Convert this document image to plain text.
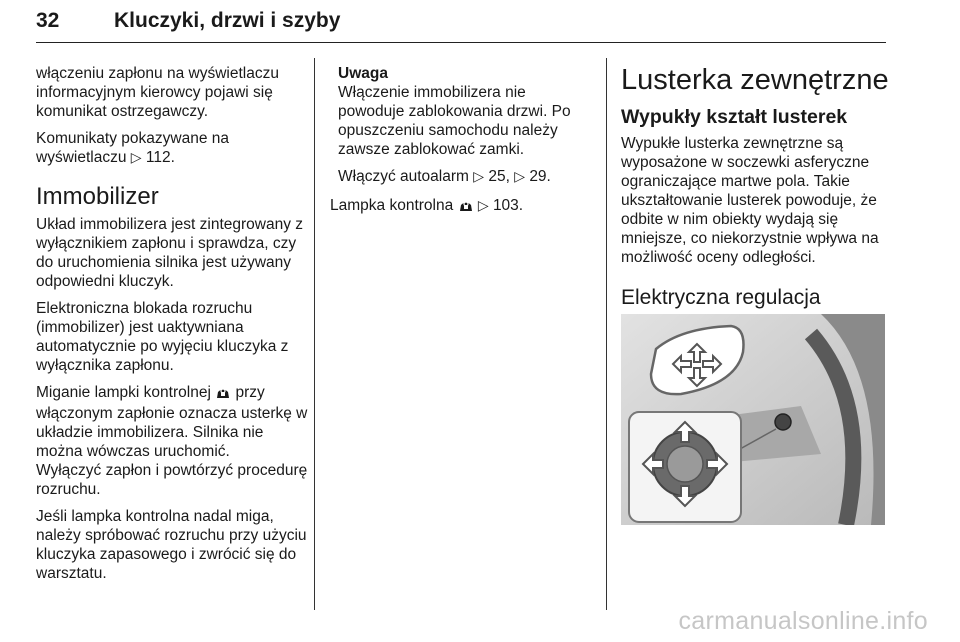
32	Kluczyki, drzwi i szyby

włączeniu zapłonu na wyświetlaczu informacyjnym kierowcy pojawi się komunikat ostrzegawczy.

Komunikaty pokazywane na wyświetlaczu ▷ 112.

Immobilizer

Układ immobilizera jest zintegrowany z wyłącznikiem zapłonu i sprawdza, czy do uruchomienia silnika jest używany odpowiedni kluczyk.

Elektroniczna blokada rozruchu (immobilizer) jest uaktywniana automatycznie po wyjęciu kluczyka z wyłącznika zapłonu.

Miganie lampki kontrolnej przy włączonym zapłonie oznacza usterkę w układzie immobilizera. Silnika nie można wówczas uruchomić.
Wyłączyć zapłon i powtórzyć procedurę rozruchu.

Jeśli lampka kontrolna nadal miga, należy spróbować rozruchu przy użyciu kluczyka zapasowego i zwrócić się do warsztatu.

Uwaga

Włączenie immobilizera nie powoduje zablokowania drzwi. Po opuszczeniu samochodu należy zawsze zablokować zamki.

Włączyć autoalarm ▷ 25, ▷ 29.

Lampka kontrolna ▷ 103.

Lusterka zewnętrzne
Wypukły kształt lusterek

Wypukłe lusterka zewnętrzne są wyposażone w soczewki asferyczne ograniczające martwe pola. Takie ukształtowanie lusterek powoduje, że odbite w nim obiekty wydają się mniejsze, co niekorzystnie wpływa na możliwość oceny odległości.

Elektryczna regulacja
carmanualsonline.info
